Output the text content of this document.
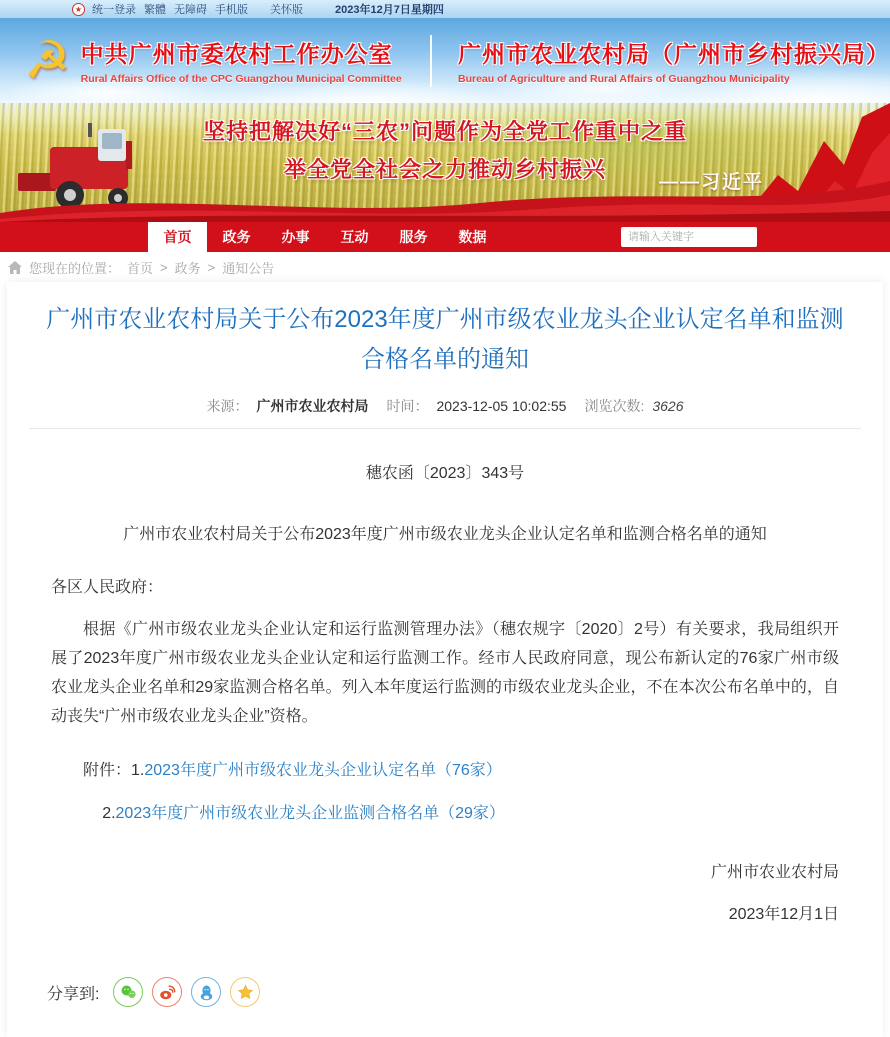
★ 统一登录 繁體 无障碍 手机版 关怀版	2023年12月7日星期四
☭ 中共广州市委农村工作办公室
Rural Affairs Office of the CPC Guangzhou Municipal Committee
广州市农业农村局（广州市乡村振兴局）
Bureau of Agriculture and Rural Affairs of Guangzhou Municipality
坚持把解决好“三农”问题作为全党工作重中之重
举全党全社会之力推动乡村振兴
——习近平
首页	政务	办事	互动	服务	数据
请输入关键字
您现在的位置： 首页 > 政务 > 通知公告
广州市农业农村局关于公布2023年度广州市级农业龙头企业认定名单和监测合格名单的通知
来源： 广州市农业农村局 时间： 2023-12-05 10:02:55 浏览次数: 3626

穗农函〔2023〕343号

广州市农业农村局关于公布2023年度广州市级农业龙头企业认定名单和监测合格名单的通知

各区人民政府：

根据《广州市级农业龙头企业认定和运行监测管理办法》（穗农规字〔2020〕2号）有关要求，我局组织开展了2023年度广州市级农业龙头企业认定和运行监测工作。经市人民政府同意，现公布新认定的76家广州市级农业龙头企业名单和29家监测合格名单。列入本年度运行监测的市级农业龙头企业，不在本次公布名单中的，自动丧失“广州市级农业龙头企业”资格。

附件：1.2023年度广州市级农业龙头企业认定名单（76家）

2.2023年度广州市级农业龙头企业监测合格名单（29家）

广州市农业农村局

2023年12月1日

分享到:
